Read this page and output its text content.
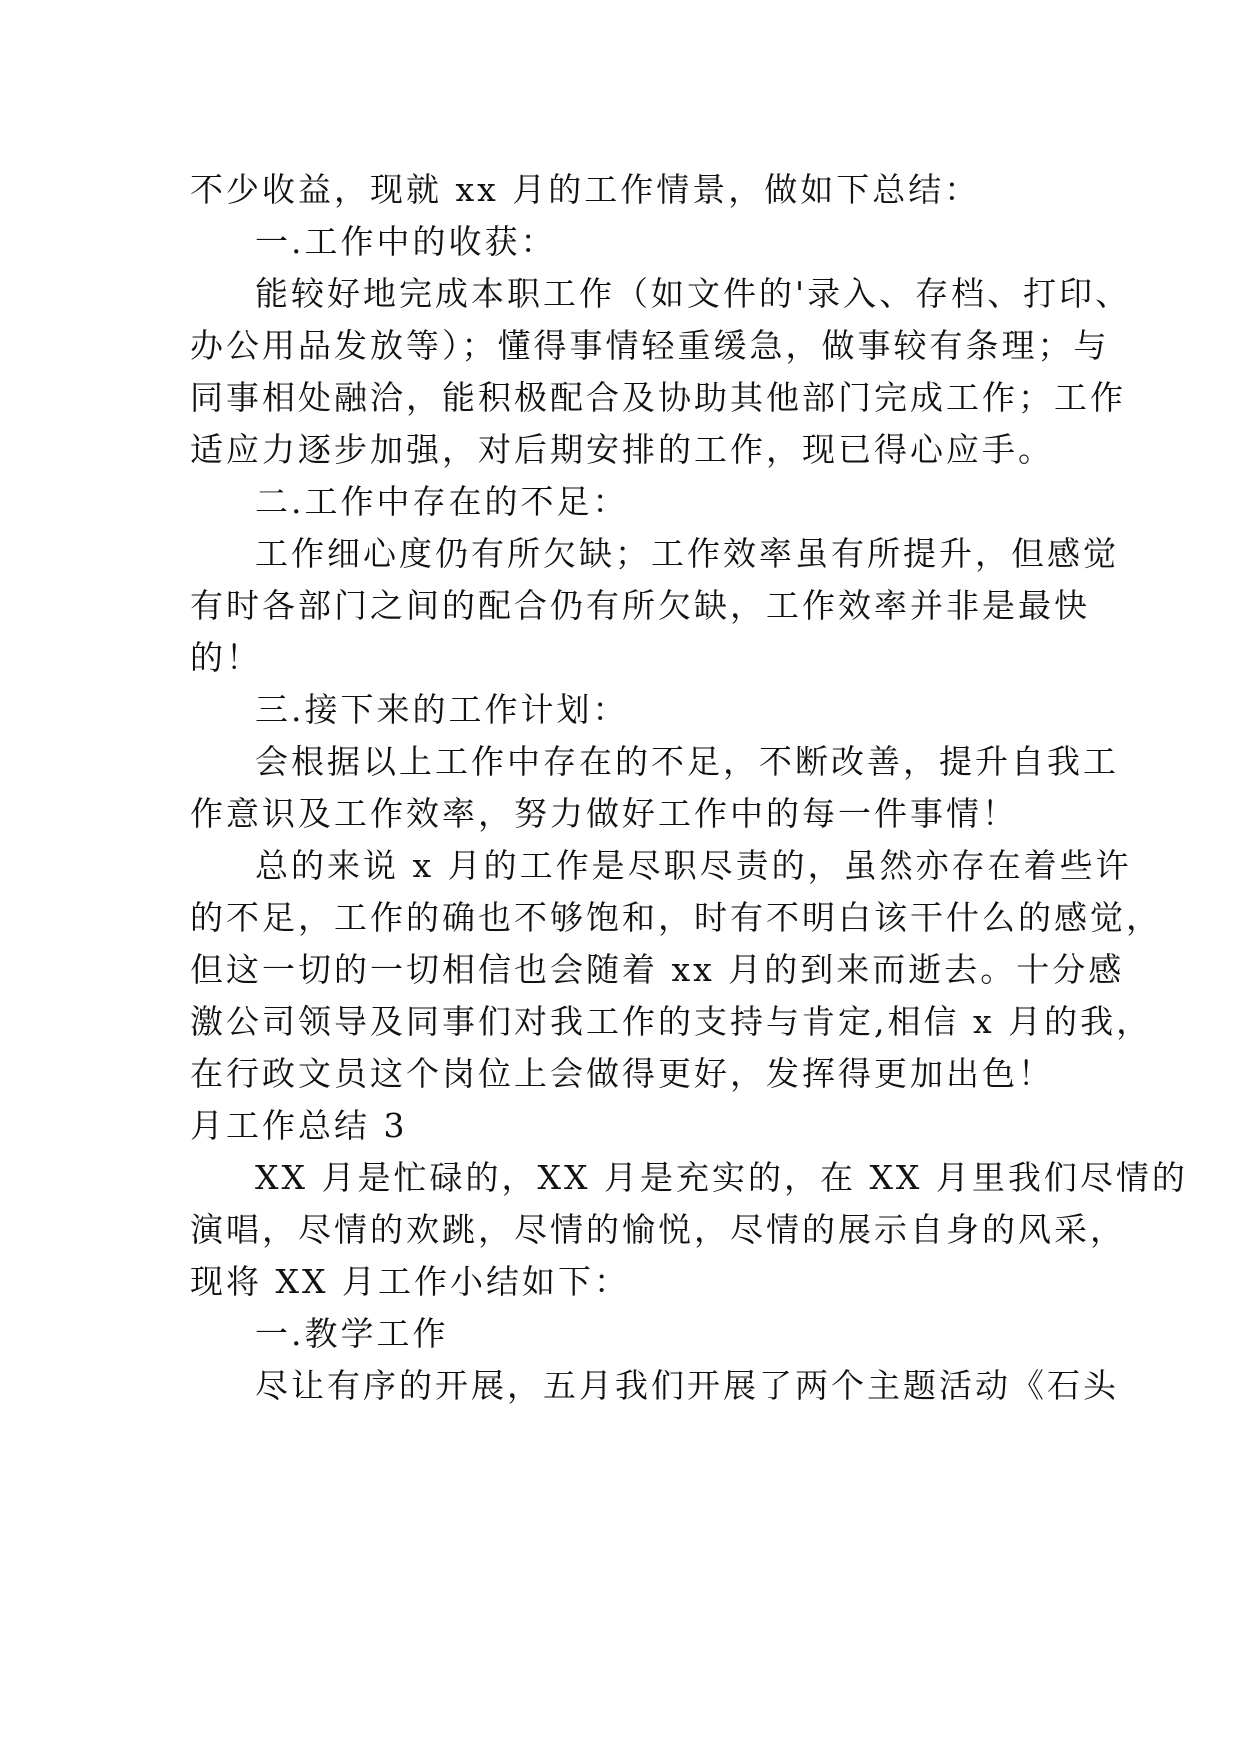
不少收益，现就 xx 月的工作情景，做如下总结：
一.工作中的收获：
能较好地完成本职工作（如文件的'录入、存档、打印、
办公用品发放等）；懂得事情轻重缓急，做事较有条理；与
同事相处融洽，能积极配合及协助其他部门完成工作；工作
适应力逐步加强，对后期安排的工作，现已得心应手。
二.工作中存在的不足：
工作细心度仍有所欠缺；工作效率虽有所提升，但感觉
有时各部门之间的配合仍有所欠缺，工作效率并非是最快
的！
三.接下来的工作计划：
会根据以上工作中存在的不足，不断改善，提升自我工
作意识及工作效率，努力做好工作中的每一件事情！
总的来说 x 月的工作是尽职尽责的，虽然亦存在着些许
的不足，工作的确也不够饱和，时有不明白该干什么的感觉，
但这一切的一切相信也会随着 xx 月的到来而逝去。十分感
激公司领导及同事们对我工作的支持与肯定,相信 x 月的我，
在行政文员这个岗位上会做得更好，发挥得更加出色！
月工作总结 3
XX 月是忙碌的，XX 月是充实的，在 XX 月里我们尽情的
演唱，尽情的欢跳，尽情的愉悦，尽情的展示自身的风采，
现将 XX 月工作小结如下：
一.教学工作
尽让有序的开展，五月我们开展了两个主题活动《石头
